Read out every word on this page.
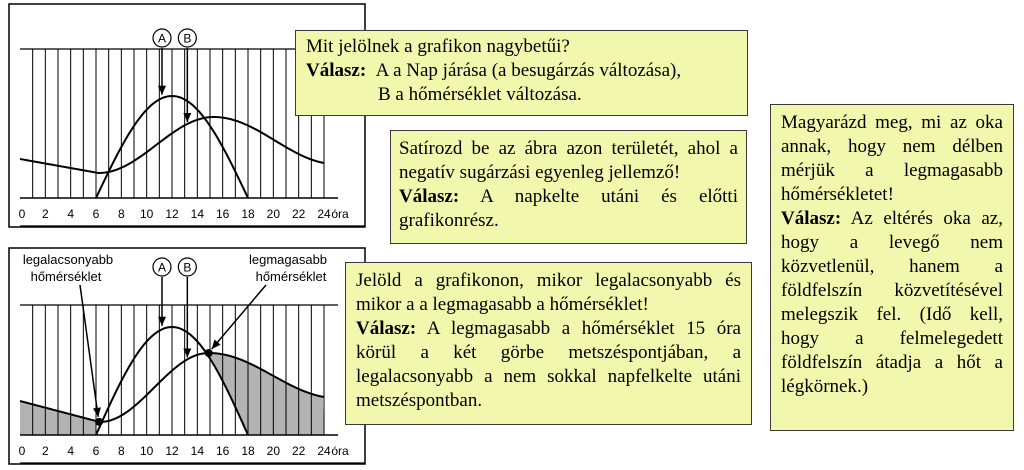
0 2 4 6 8 10 12 14 16 18 20 22 24 óra
A B
0 2 4 6 8 10 12 14 16 18 20 22 24 óra
A B
legalacsonyabb
hőmérséklet
legmagasabb
hőmérséklet

Mit jelölnek a grafikon nagybetűi?

Válasz: A a Nap járása (a besugárzás változása),

B a hőmérséklet változása.

Satírozd be az ábra azon területét, ahol a negatív sugárzási egyenleg jellemző!

Válasz: A napkelte utáni és előtti grafikonrész.

Jelöld a grafikonon, mikor legalacsonyabb és mikor a a legmagasabb a hőmérséklet!

Válasz: A legmagasabb a hőmérséklet 15 óra körül a két görbe metszéspontjában, a legalacsonyabb a nem sokkal napfelkelte utáni metszéspontban.

Magyarázd meg, mi az oka annak, hogy nem délben mérjük a legmagasabb hőmérsékletet!

Válasz: Az eltérés oka az, hogy a levegő nem közvetlenül, hanem a földfelszín közvetítésével melegszik fel. (Idő kell, hogy a felmelegedett földfelszín átadja a hőt a légkörnek.)
